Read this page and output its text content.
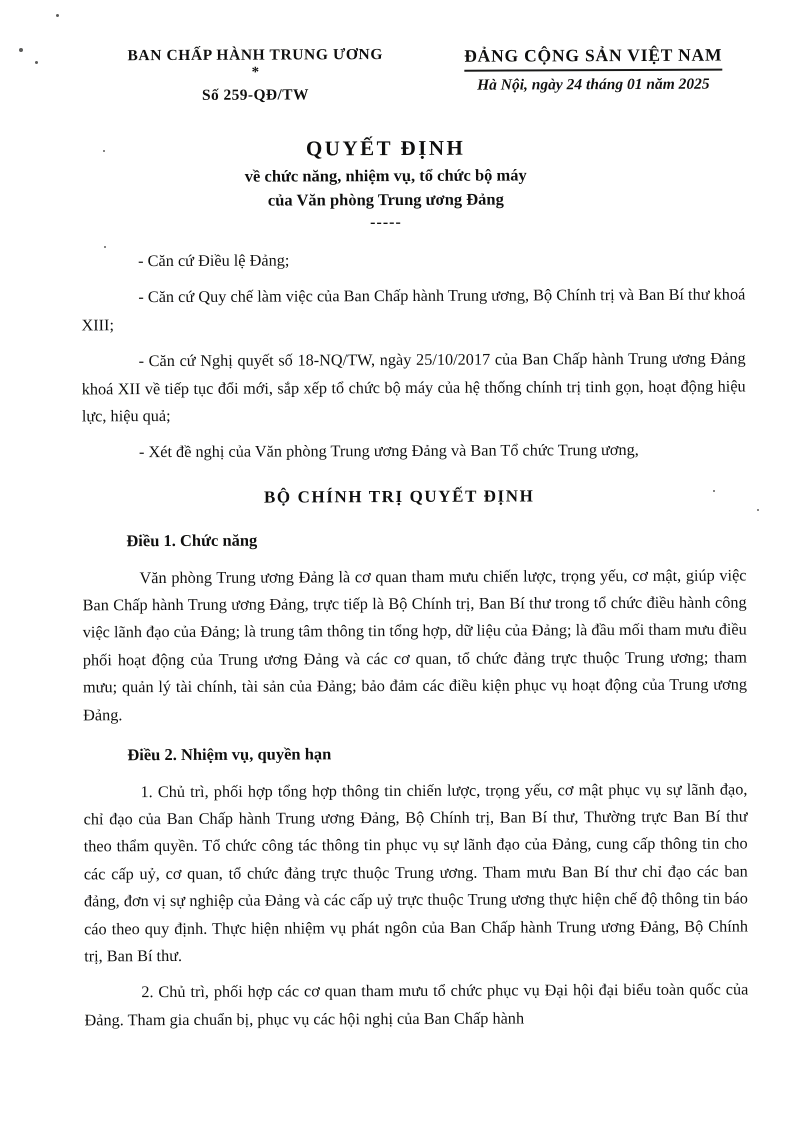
BAN CHẤP HÀNH TRUNG ƯƠNG
*
Số 259-QĐ/TW
ĐẢNG CỘNG SẢN VIỆT NAM
Hà Nội, ngày 24 tháng 01 năm 2025
QUYẾT ĐỊNH
về chức năng, nhiệm vụ, tổ chức bộ máy
của Văn phòng Trung ương Đảng
-----

- Căn cứ Điều lệ Đảng;

- Căn cứ Quy chế làm việc của Ban Chấp hành Trung ương, Bộ Chính trị và Ban Bí thư khoá XIII;

- Căn cứ Nghị quyết số 18-NQ/TW, ngày 25/10/2017 của Ban Chấp hành Trung ương Đảng khoá XII về tiếp tục đổi mới, sắp xếp tổ chức bộ máy của hệ thống chính trị tinh gọn, hoạt động hiệu lực, hiệu quả;

- Xét đề nghị của Văn phòng Trung ương Đảng và Ban Tổ chức Trung ương,

BỘ CHÍNH TRỊ QUYẾT ĐỊNH
Điều 1. Chức năng

Văn phòng Trung ương Đảng là cơ quan tham mưu chiến lược, trọng yếu, cơ mật, giúp việc Ban Chấp hành Trung ương Đảng, trực tiếp là Bộ Chính trị, Ban Bí thư trong tổ chức điều hành công việc lãnh đạo của Đảng; là trung tâm thông tin tổng hợp, dữ liệu của Đảng; là đầu mối tham mưu điều phối hoạt động của Trung ương Đảng và các cơ quan, tổ chức đảng trực thuộc Trung ương; tham mưu; quản lý tài chính, tài sản của Đảng; bảo đảm các điều kiện phục vụ hoạt động của Trung ương Đảng.

Điều 2. Nhiệm vụ, quyền hạn

1. Chủ trì, phối hợp tổng hợp thông tin chiến lược, trọng yếu, cơ mật phục vụ sự lãnh đạo, chỉ đạo của Ban Chấp hành Trung ương Đảng, Bộ Chính trị, Ban Bí thư, Thường trực Ban Bí thư theo thẩm quyền. Tổ chức công tác thông tin phục vụ sự lãnh đạo của Đảng, cung cấp thông tin cho các cấp uỷ, cơ quan, tổ chức đảng trực thuộc Trung ương. Tham mưu Ban Bí thư chỉ đạo các ban đảng, đơn vị sự nghiệp của Đảng và các cấp uỷ trực thuộc Trung ương thực hiện chế độ thông tin báo cáo theo quy định. Thực hiện nhiệm vụ phát ngôn của Ban Chấp hành Trung ương Đảng, Bộ Chính trị, Ban Bí thư.

2. Chủ trì, phối hợp các cơ quan tham mưu tổ chức phục vụ Đại hội đại biểu toàn quốc của Đảng. Tham gia chuẩn bị, phục vụ các hội nghị của Ban Chấp hành
